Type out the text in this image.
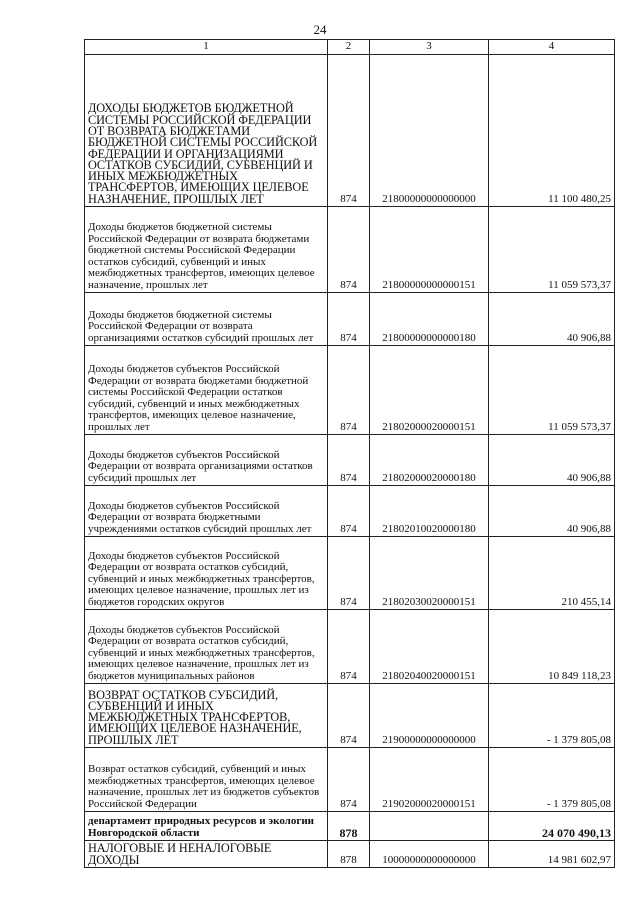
24
1	2	3	4
ДОХОДЫ БЮДЖЕТОВ БЮДЖЕТНОЙ СИСТЕМЫ РОССИЙСКОЙ ФЕДЕРАЦИИ ОТ ВОЗВРАТА БЮДЖЕТАМИ БЮДЖЕТНОЙ СИСТЕМЫ РОССИЙСКОЙ ФЕДЕРАЦИИ И ОРГАНИЗАЦИЯМИ ОСТАТКОВ СУБСИДИЙ, СУБВЕНЦИЙ И ИНЫХ МЕЖБЮДЖЕТНЫХ ТРАНСФЕРТОВ, ИМЕЮЩИХ ЦЕЛЕВОЕ НАЗНАЧЕНИЕ, ПРОШЛЫХ ЛЕТ	874	21800000000000000	11 100 480,25
Доходы бюджетов бюджетной системы Российской Федерации от возврата бюджетами бюджетной системы Российской Федерации остатков субсидий, субвенций и иных межбюджетных трансфертов, имеющих целевое назначение, прошлых лет	874	21800000000000151	11 059 573,37
Доходы бюджетов бюджетной системы Российской Федерации от возврата организациями остатков субсидий прошлых лет	874	21800000000000180	40 906,88
Доходы бюджетов субъектов Российской Федерации от возврата бюджетами бюджетной системы Российской Федерации остатков субсидий, субвенций и иных межбюджетных трансфертов, имеющих целевое назначение, прошлых лет	874	21802000020000151	11 059 573,37
Доходы бюджетов субъектов Российской Федерации от возврата организациями остатков субсидий прошлых лет	874	21802000020000180	40 906,88
Доходы бюджетов субъектов Российской Федерации от возврата бюджетными учреждениями остатков субсидий прошлых лет	874	21802010020000180	40 906,88
Доходы бюджетов субъектов Российской Федерации от возврата остатков субсидий, субвенций и иных межбюджетных трансфертов, имеющих целевое назначение, прошлых лет из бюджетов городских округов	874	21802030020000151	210 455,14
Доходы бюджетов субъектов Российской Федерации от возврата остатков субсидий, субвенций и иных межбюджетных трансфертов, имеющих целевое назначение, прошлых лет из бюджетов муниципальных районов	874	21802040020000151	10 849 118,23
ВОЗВРАТ ОСТАТКОВ СУБСИДИЙ, СУБВЕНЦИЙ И ИНЫХ МЕЖБЮДЖЕТНЫХ ТРАНСФЕРТОВ, ИМЕЮЩИХ ЦЕЛЕВОЕ НАЗНАЧЕНИЕ, ПРОШЛЫХ ЛЕТ	874	21900000000000000	- 1 379 805,08
Возврат остатков субсидий, субвенций и иных межбюджетных трансфертов, имеющих целевое назначение, прошлых лет из бюджетов субъектов Российской Федерации	874	21902000020000151	- 1 379 805,08
департамент природных ресурсов и экологии Новгородской области	878		24 070 490,13
НАЛОГОВЫЕ И НЕНАЛОГОВЫЕ ДОХОДЫ	878	10000000000000000	14 981 602,97
